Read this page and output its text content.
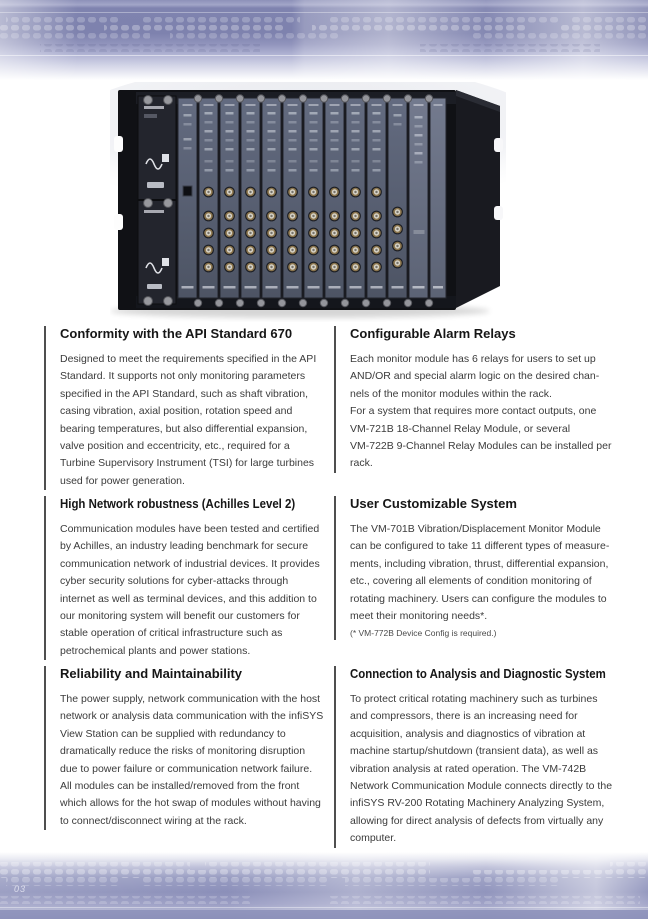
Conformity with the API Standard 670
Designed to meet the requirements specified in the API
Standard. It supports not only monitoring parameters
specified in the API Standard, such as shaft vibration,
casing vibration, axial position, rotation speed and
bearing temperatures, but also differential expansion,
valve position and eccentricity, etc., required for a
Turbine Supervisory Instrument (TSI) for large turbines
used for power generation.
Configurable Alarm Relays
Each monitor module has 6 relays for users to set up
AND/OR and special alarm logic on the desired chan-
nels of the monitor modules within the rack.
For a system that requires more contact outputs, one
VM-721B 18-Channel Relay Module, or several
VM-722B 9-Channel Relay Modules can be installed per
rack.
High Network robustness (Achilles Level 2)
Communication modules have been tested and certified
by Achilles, an industry leading benchmark for secure
communication network of industrial devices. It provides
cyber security solutions for cyber-attacks through
internet as well as terminal devices, and this addition to
our monitoring system will benefit our customers for
stable operation of critical infrastructure such as
petrochemical plants and power stations.
User Customizable System
The VM-701B Vibration/Displacement Monitor Module
can be configured to take 11 different types of measure-
ments, including vibration, thrust, differential expansion,
etc., covering all elements of condition monitoring of
rotating machinery. Users can configure the modules to
meet their monitoring needs*.
(* VM-772B Device Config is required.)
Reliability and Maintainability
The power supply, network communication with the host
network or analysis data communication with the infiSYS
View Station can be supplied with redundancy to
dramatically reduce the risks of monitoring disruption
due to power failure or communication network failure.
All modules can be installed/removed from the front
which allows for the hot swap of modules without having
to connect/disconnect wiring at the rack.
Connection to Analysis and Diagnostic System
To protect critical rotating machinery such as turbines
and compressors, there is an increasing need for
acquisition, analysis and diagnostics of vibration at
machine startup/shutdown (transient data), as well as
vibration analysis at rated operation. The VM-742B
Network Communication Module connects directly to the
infiSYS RV-200 Rotating Machinery Analyzing System,
allowing for direct analysis of defects from virtually any
computer.
03
